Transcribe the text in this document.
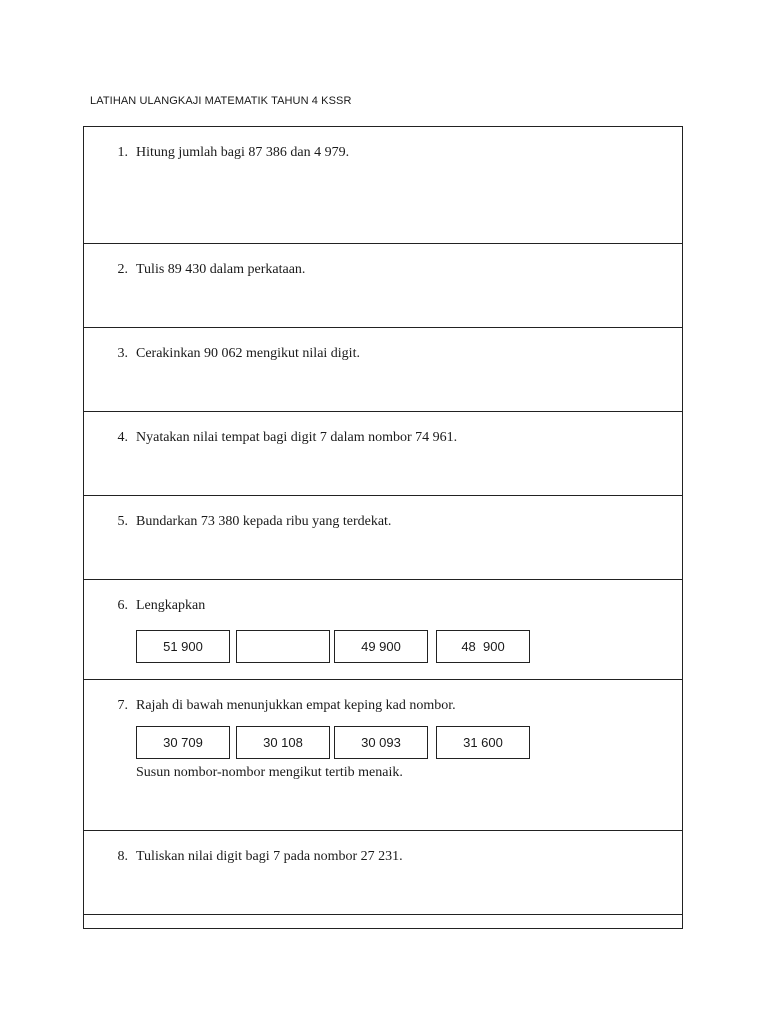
LATIHAN ULANGKAJI MATEMATIK TAHUN 4 KSSR
1. Hitung jumlah bagi 87 386 dan 4 979.
2. Tulis 89 430 dalam perkataan.
3. Cerakinkan 90 062 mengikut nilai digit.
4. Nyatakan nilai tempat bagi digit 7 dalam nombor 74 961.
5. Bundarkan 73 380 kepada ribu yang terdekat.
6. Lengkapkan
51 900	49 900	48  900
7. Rajah di bawah menunjukkan empat keping kad nombor.
30 709	30 108	30 093	31 600
Susun nombor-nombor mengikut tertib menaik.
8. Tuliskan nilai digit bagi 7 pada nombor 27 231.
